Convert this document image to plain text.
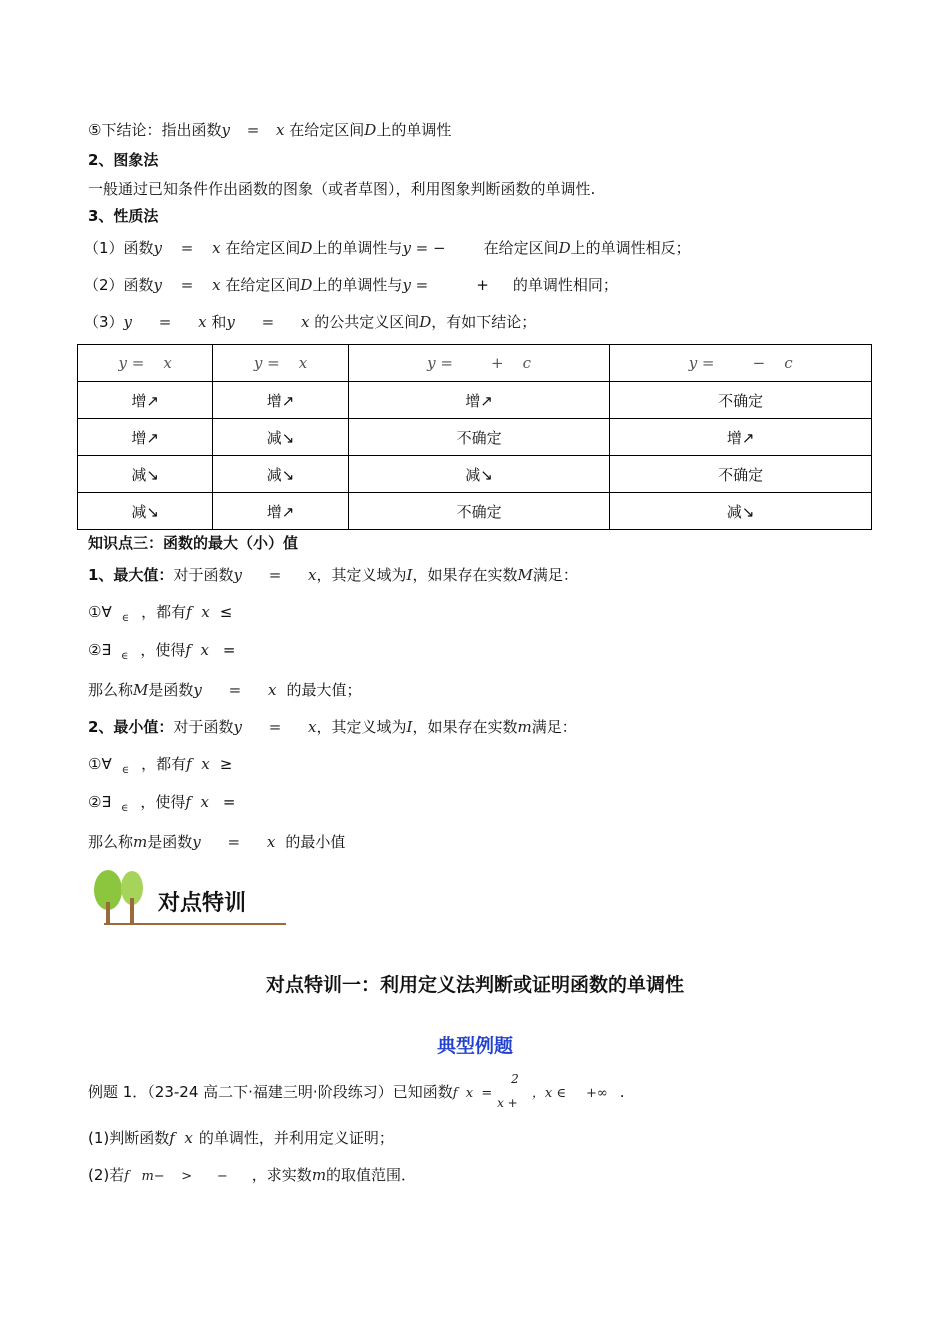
⑤下结论：指出函数y = x 在给定区间D上的单调性
2、图象法
一般通过已知条件作出函数的图象（或者草图），利用图象判断函数的单调性.
3、性质法
（1）函数y = x 在给定区间D上的单调性与y = −	在给定区间D上的单调性相反；
（2）函数y = x 在给定区间D上的单调性与y =	+ 的单调性相同；
（3）y = x 和y = x 的公共定义区间D，有如下结论；
y =    x	y =    x	y =        +    c	y =        −    c
增↗	增↗	增↗	不确定
增↗	减↘	不确定	增↗
减↘	减↘	减↘	不确定
减↘	增↗	不确定	减↘
知识点三：函数的最大（小）值
1、最大值：对于函数y = x，其定义域为I，如果存在实数M满足：
①∀ $_\in$ ，都有f  x ≤
②∃ $_\in$ ，使得f  x =
那么称M是函数y = x 的最大值；
2、最小值：对于函数y = x，其定义域为I，如果存在实数m满足：
①∀ $_\in$ ，都有f  x ≥
②∃ $_\in$ ，使得f  x =
那么称m是函数y = x 的最小值
对点特训
对点特训一：利用定义法判断或证明函数的单调性
典型例题
例题 1．（23-24 高二下·福建三明·阶段练习）已知函数f  x  =
2
x +
，x ∈ +∞ .
(1)判断函数f  x 的单调性，并利用定义证明；
(2)若f   m−    >      − ，求实数m的取值范围．
